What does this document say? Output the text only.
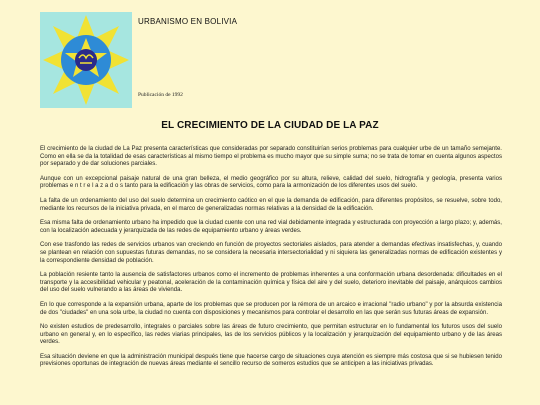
URBANISMO EN BOLIVIA
Publicación de 1992
EL CRECIMIENTO DE LA CIUDAD DE LA PAZ

El crecimiento de la ciudad de La Paz presenta características que consideradas por separado constituirían serios problemas para cualquier urbe de un tamaño semejante. Como en ella se da la totalidad de esas características al mismo tiempo el problema es mucho mayor que su simple suma; no se trata de tomar en cuenta algunos aspectos por separado y de dar soluciones parciales.

Aunque con un excepcional paisaje natural de una gran belleza, el medio geográfico por su altura, relieve, calidad del suelo, hidrografía y geología, presenta varios problemas e n t r e l a z a d o s tanto para la edificación y las obras de servicios, como para la armonización de los diferentes usos del suelo.

La falta de un ordenamiento del uso del suelo determina un crecimiento caótico en el que la demanda de edificación, para diferentes propósitos, se resuelve, sobre todo, mediante los recursos de la iniciativa privada, en el marco de generalizadas normas relativas a la densidad de la edificación.

Esa misma falta de ordenamiento urbano ha impedido que la ciudad cuente con una red vial debidamente integrada y estructurada con proyección a largo plazo; y, además, con la localización adecuada y jerarquizada de las redes de equipamiento urbano y áreas verdes.

Con ese trasfondo las redes de servicios urbanos van creciendo en función de proyectos sectoriales aislados, para atender a demandas efectivas insatisfechas, y, cuando se plantean en relación con supuestas futuras demandas, no se considera la necesaria intersectorialidad y ni siquiera las generalizadas normas de edificación existentes y la correspondiente densidad de población.

La población resiente tanto la ausencia de satisfactores urbanos como el incremento de problemas inherentes a una conformación urbana desordenada: dificultades en el transporte y la accesibilidad vehicular y peatonal, aceleración de la contaminación química y física del aire y del suelo, deterioro inevitable del paisaje, anárquicos cambios del uso del suelo vulnerando a las áreas de vivienda.

En lo que corresponde a la expansión urbana, aparte de los problemas que se producen por la rémora de un arcaico e irracional "radio urbano" y por la absurda existencia de dos "ciudades" en una sola urbe, la ciudad no cuenta con disposiciones y mecanismos para controlar el desarrollo en las que serán sus futuras áreas de expansión.

No existen estudios de predesarrollo, integrales o parciales sobre las áreas de futuro crecimiento, que permitan estructurar en lo fundamental los futuros usos del suelo urbano en general y, en lo específico, las redes viarias principales, las de los servicios públicos y la localización y jerarquización del equipamiento urbano y de las áreas verdes.

Esa situación deviene en que la administración municipal después tiene que hacerse cargo de situaciones cuya atención es siempre más costosa que si se hubiesen tenido previsiones oportunas de integración de nuevas áreas mediante el sencillo recurso de someros estudios que se anticipen a las iniciativas privadas.
